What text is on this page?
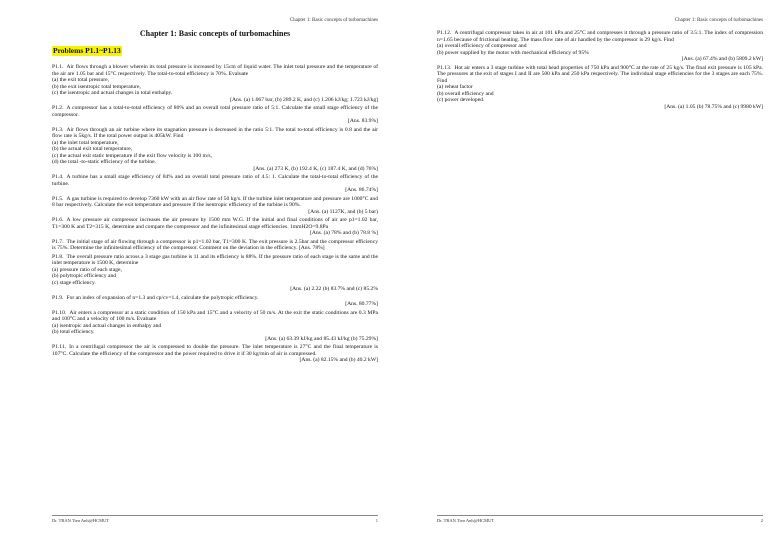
Chapter 1: Basic concepts of turbomachines
Chapter 1: Basic concepts of turbomachines
Problems P1.1~P1.13
P1.1. Air flows through a blower wherein its total pressure is increased by 15cm of liquid water. The inlet total pressure and the temperature of the air are 1.05 bar and 15°C respectively. The total-to-total efficiency is 70%. Evaluate
(a) the exit total pressure,
(b) the exit isentropic total temperature,
(c) the isentropic and actual changes in total enthalpy.
[Ans. (a) 1.067 bar, (b) 289.2 K, and (c) 1.206 kJ/kg; 1.723 kJ/kg]
P1.2. A compressor has a total-to-total efficiency of 80% and an overall total pressure ratio of 5:1. Calculate the small stage efficiency of the compressor.
[Ans. 83.9%]
P1.3. Air flows through an air turbine where its stagnation pressure is decreased in the ratio 5:1. The total to-total efficiency is 0.8 and the air flow rate is 5kg/s. If the total power output is 405kW. Find
(a) the inlet total temperature,
(b) the actual exit total temperature,
(c) the actual exit static temperature if the exit flow velocity is 100 m/s,
(d) the total -to-static efficiency of the turbine.
[Ans. (a) 273 K, (b) 192.4 K, (c) 187.4 K, and (d) 76%]
P1.4. A turbine has a small stage efficiency of 84% and an overall total pressure ratio of 4.5: 1. Calculate the total-to-total efficiency of the turbine.
[Ans. 86.74%]
P1.5. A gas turbine is required to develop 7360 kW with an air flow rate of 50 kg/s. If the turbine inlet temperature and pressure are 1000°C and 8 bar respectively. Calculate the exit temperature and pressure if the isentropic efficiency of the turbine is 90%.
[Ans. (a) 1127K, and (b) 5 bar)
P1.6. A low pressure air compressor increases the air pressure by 1500 mm W.G. If the initial and final conditions of air are p1=1.02 bar, T1=300 K and T2=315 K, determine and compare the compressor and the infinitesimal stage efficiencies. 1mmH2O=9.8Pa
[Ans. (a) 78% and (b) 78.8 %]
P1.7. The initial stage of air flowing through a compressor is p1=1.02 bar, T1=300 K. The exit pressure is 2.5bar and the compressor efficiency is 75%. Determine the infinitesimal efficiency of the compressor. Comment on the deviation in the efficiency. [Ans. 78%]
P1.8. The overall pressure ratio across a 3 stage gas turbine is 11 and its efficiency is 88%. If the pressure ratio of each stage is the same and the inlet temperature is 1500 K, determine
(a) pressure ratio of each stage,
(b) polytropic efficiency and
(c) stage efficiency.
[Ans. (a) 2.22 (b) 83.7% and (c) 85.2%
P1.9. For an index of expansion of n=1.3 and cp/cv=1.4, calculate the polytropic efficiency.
[Ans. 80.77%]
P1.10. Air enters a compressor at a static condition of 150 kPa and 15°C and a velocity of 50 m/s. At the exit the static conditions are 0.3 MPa and 100°C and a velocity of 100 m/s. Evaluate
(a) isentropic and actual changes in enthalpy and
(b) total efficiency.
[Ans. (a) 63.39 kJ/kg and 85.43 kJ/kg (b) 75.29%]
P1.11. In a centrifugal compressor the air is compressed to double the pressure. The inlet temperature is 27°C and the final temperature is 107°C. Calculate the efficiency of the compressor and the power required to drive it if 30 kg/min of air is compressed.
[Ans. (a) 82.15% and (b) 40.2 kW]
Dr. TRAN Tieu Anh@HCMUT	1
Chapter 1: Basic concepts of turbomachines
P1.12. A centrifugal compressor takes in air at 101 kPa and 25°C and compresses it through a pressure ratio of 3.5:1. The index of compression n=1.65 because of frictional heating. The mass flow rate of air handled by the compressor is 29 kg/s. Find
(a) overall efficiency of compressor and
(b) power supplied by the motor with mechanical efficiency of 95%
[Ans. (a) 67.4% and (b) 5809.2 kW]
P1.13. Hot air enters a 3 stage turbine with total head properties of 750 kPa and 900°C at the rate of 25 kg/s. The final exit pressure is 105 kPa. The pressures at the exit of stages I and II are 500 kPa and 250 kPa respectively. The individual stage efficiencies for the 3 stages are each 75%. Find
(a) reheat factor
(b) overall efficiency and
(c) power developed.
[Ans. (a) 1.05 (b) 78.75% and (c) 9980 kW]
Dr. TRAN Tieu Anh@HCMUT	2
